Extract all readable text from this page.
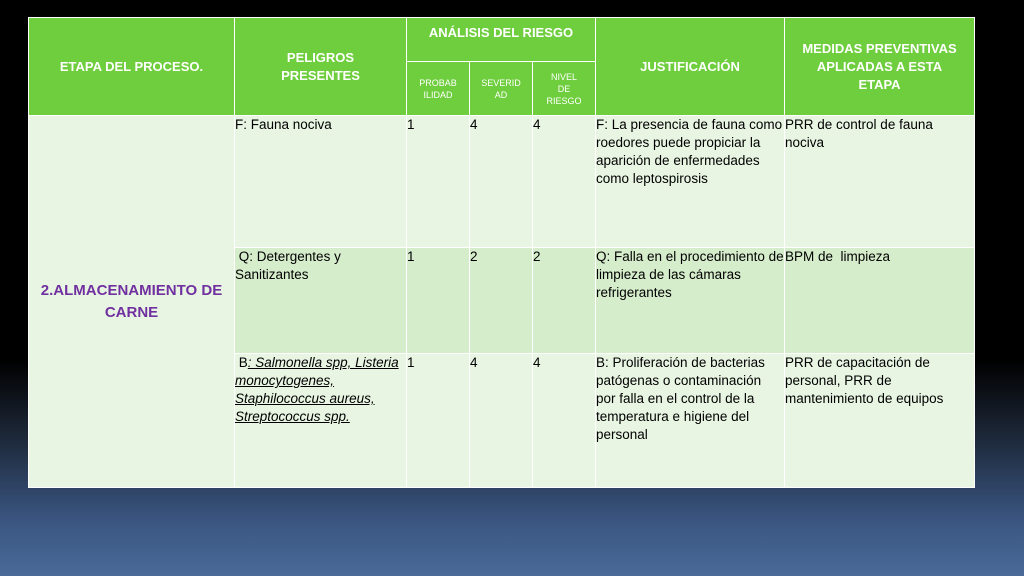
ETAPA DEL PROCESO.	PELIGROS PRESENTES	ANÁLISIS DEL RIESGO			JUSTIFICACIÓN	MEDIDAS PREVENTIVAS APLICADAS A ESTA ETAPA
		PROBAB ILIDAD	SEVERID AD	NIVEL DE RIESGO		
2.ALMACENAMIENTO DE CARNE	F: Fauna nociva	1	4	4	F: La presencia de fauna como roedores puede propiciar la aparición de enfermedades como leptospirosis	PRR de control de fauna nociva
	Q: Detergentes y Sanitizantes	1	2	2	Q: Falla en el procedimiento de limpieza de las cámaras refrigerantes	BPM de  limpieza
	B: Salmonella spp, Listeria monocytogenes, Staphilococcus aureus, Streptococcus spp.	1	4	4	B: Proliferación de bacterias patógenas o contaminación por falla en el control de la temperatura e higiene del personal	PRR de capacitación de personal, PRR de mantenimiento de equipos
